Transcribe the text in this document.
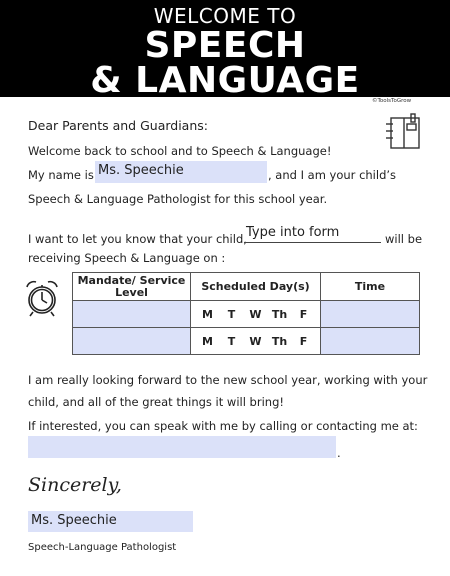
WELCOME TO
SPEECH
& LANGUAGE	©ToolsToGrow
Dear Parents and Guardians:
Welcome back to school and to Speech & Language!
My name is Ms. Speechie	, and I am your child’s
Speech & Language Pathologist for this school year.
I want to let you know that your child, Type into form	will be
receiving Speech & Language on :
Mandate/ Service Level	Scheduled Day(s)	Time
	M T W Th F	
	M T W Th F	
I am really looking forward to the new school year, working with your
child, and all of the great things it will bring!
If interested, you can speak with me by calling or contacting me at:
.
Sincerely,
Ms. Speechie
Speech-Language Pathologist
